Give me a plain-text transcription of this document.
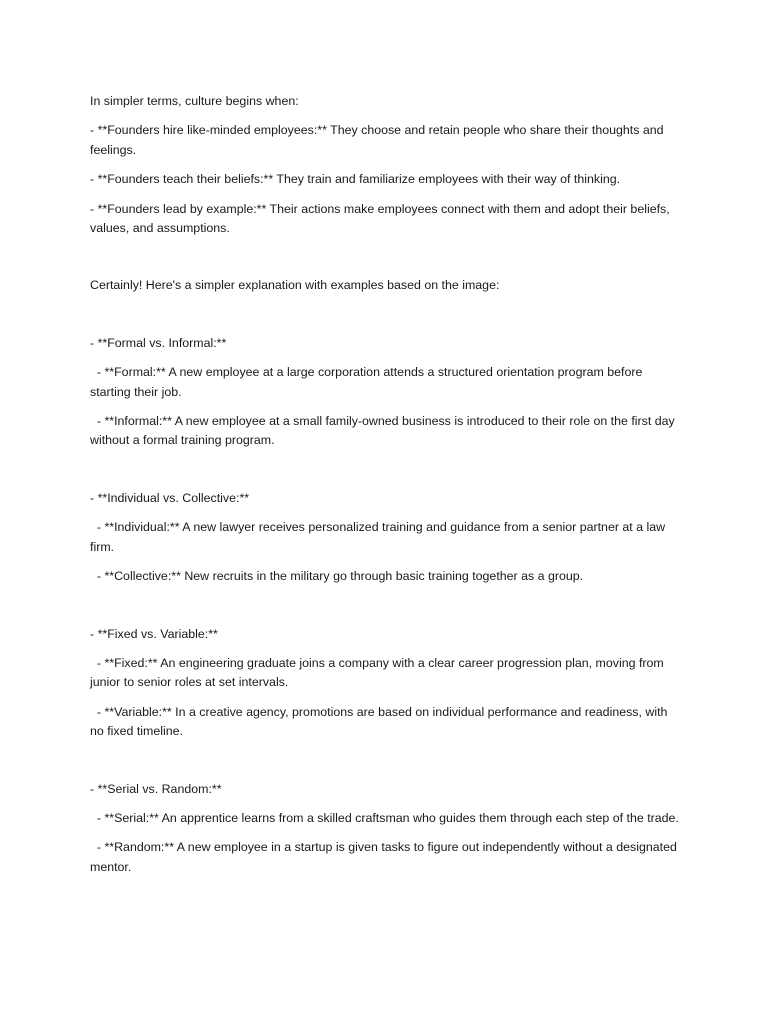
In simpler terms, culture begins when:

- **Founders hire like-minded employees:** They choose and retain people who share their thoughts and feelings.

- **Founders teach their beliefs:** They train and familiarize employees with their way of thinking.

- **Founders lead by example:** Their actions make employees connect with them and adopt their beliefs, values, and assumptions.

Certainly! Here's a simpler explanation with examples based on the image:

- **Formal vs. Informal:**

- **Formal:** A new employee at a large corporation attends a structured orientation program before starting their job.

- **Informal:** A new employee at a small family-owned business is introduced to their role on the first day without a formal training program.

- **Individual vs. Collective:**

- **Individual:** A new lawyer receives personalized training and guidance from a senior partner at a law firm.

- **Collective:** New recruits in the military go through basic training together as a group.

- **Fixed vs. Variable:**

- **Fixed:** An engineering graduate joins a company with a clear career progression plan, moving from junior to senior roles at set intervals.

- **Variable:** In a creative agency, promotions are based on individual performance and readiness, with no fixed timeline.

- **Serial vs. Random:**

- **Serial:** An apprentice learns from a skilled craftsman who guides them through each step of the trade.

- **Random:** A new employee in a startup is given tasks to figure out independently without a designated mentor.
